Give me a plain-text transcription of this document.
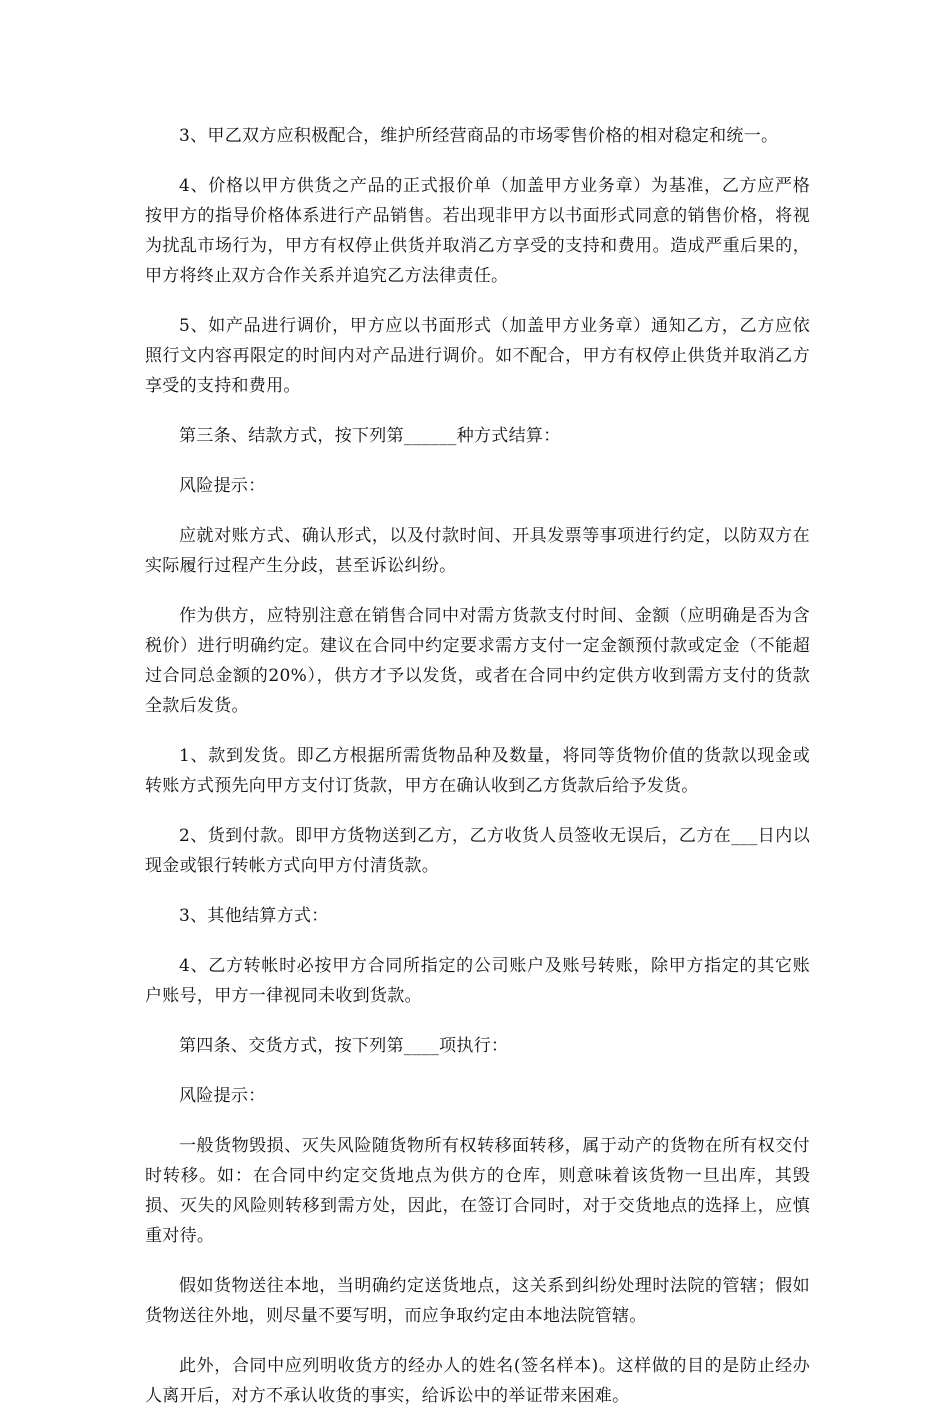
3、甲乙双方应积极配合，维护所经营商品的市场零售价格的相对稳定和统一。

4、价格以甲方供货之产品的正式报价单（加盖甲方业务章）为基准，乙方应严格按甲方的指导价格体系进行产品销售。若出现非甲方以书面形式同意的销售价格，将视为扰乱市场行为，甲方有权停止供货并取消乙方享受的支持和费用。造成严重后果的，甲方将终止双方合作关系并追究乙方法律责任。

5、如产品进行调价，甲方应以书面形式（加盖甲方业务章）通知乙方，乙方应依照行文内容再限定的时间内对产品进行调价。如不配合，甲方有权停止供货并取消乙方享受的支持和费用。

第三条、结款方式，按下列第______种方式结算：

风险提示：

应就对账方式、确认形式，以及付款时间、开具发票等事项进行约定，以防双方在实际履行过程产生分歧，甚至诉讼纠纷。

作为供方，应特别注意在销售合同中对需方货款支付时间、金额（应明确是否为含税价）进行明确约定。建议在合同中约定要求需方支付一定金额预付款或定金（不能超过合同总金额的20%），供方才予以发货，或者在合同中约定供方收到需方支付的货款全款后发货。

1、款到发货。即乙方根据所需货物品种及数量，将同等货物价值的货款以现金或转账方式预先向甲方支付订货款，甲方在确认收到乙方货款后给予发货。

2、货到付款。即甲方货物送到乙方，乙方收货人员签收无误后，乙方在___日内以现金或银行转帐方式向甲方付清货款。

3、其他结算方式：

4、乙方转帐时必按甲方合同所指定的公司账户及账号转账，除甲方指定的其它账户账号，甲方一律视同未收到货款。

第四条、交货方式，按下列第____项执行：

风险提示：

一般货物毁损、灭失风险随货物所有权转移面转移，属于动产的货物在所有权交付时转移。如：在合同中约定交货地点为供方的仓库，则意味着该货物一旦出库，其毁损、灭失的风险则转移到需方处，因此，在签订合同时，对于交货地点的选择上，应慎重对待。

假如货物送往本地，当明确约定送货地点，这关系到纠纷处理时法院的管辖；假如货物送往外地，则尽量不要写明，而应争取约定由本地法院管辖。

此外，合同中应列明收货方的经办人的姓名(签名样本)。这样做的目的是防止经办人离开后，对方不承认收货的事实，给诉讼中的举证带来困难。
